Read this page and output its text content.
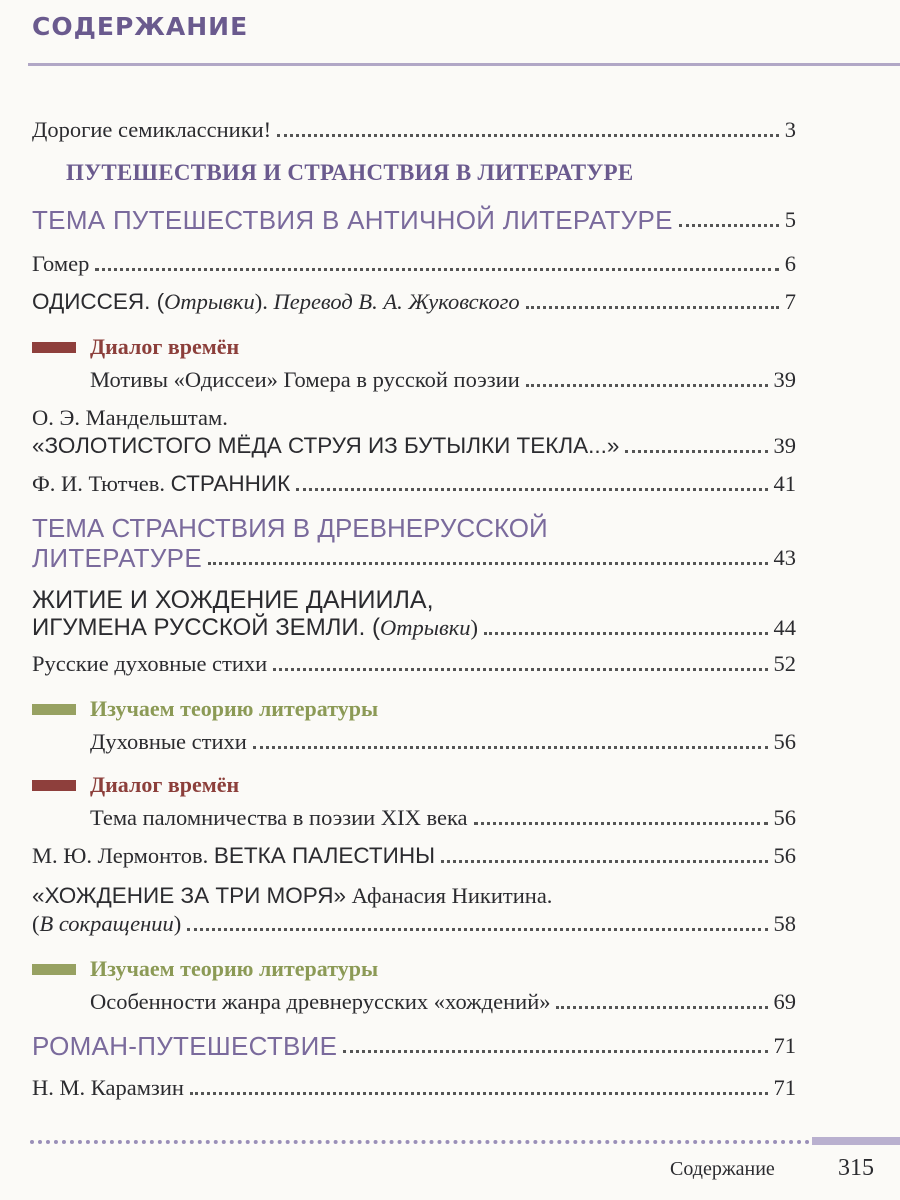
СОДЕРЖАНИЕ
Дорогие семиклассники!	3
ПУТЕШЕСТВИЯ И СТРАНСТВИЯ В ЛИТЕРАТУРЕ
ТЕМА ПУТЕШЕСТВИЯ В АНТИЧНОЙ ЛИТЕРАТУРЕ	5
Гомер	6
ОДИССЕЯ. (Отрывки). Перевод В. А. Жуковского	7
Диалог времён
Мотивы «Одиссеи» Гомера в русской поэзии	39
О. Э. Мандельштам.
«ЗОЛОТИСТОГО МЁДА СТРУЯ ИЗ БУТЫЛКИ ТЕКЛА...»	39
Ф. И. Тютчев. СТРАННИК	41
ТЕМА СТРАНСТВИЯ В ДРЕВНЕРУССКОЙ
ЛИТЕРАТУРЕ	43
ЖИТИЕ И ХОЖДЕНИЕ ДАНИИЛА,
ИГУМЕНА РУССКОЙ ЗЕМЛИ. (Отрывки)	44
Русские духовные стихи	52
Изучаем теорию литературы
Духовные стихи	56
Диалог времён
Тема паломничества в поэзии XIX века	56
М. Ю. Лермонтов. ВЕТКА ПАЛЕСТИНЫ	56
«ХОЖДЕНИЕ ЗА ТРИ МОРЯ» Афанасия Никитина.
(В сокращении)	58
Изучаем теорию литературы
Особенности жанра древнерусских «хождений»	69
РОМАН-ПУТЕШЕСТВИЕ	71
Н. М. Карамзин	71
Содержание	315
